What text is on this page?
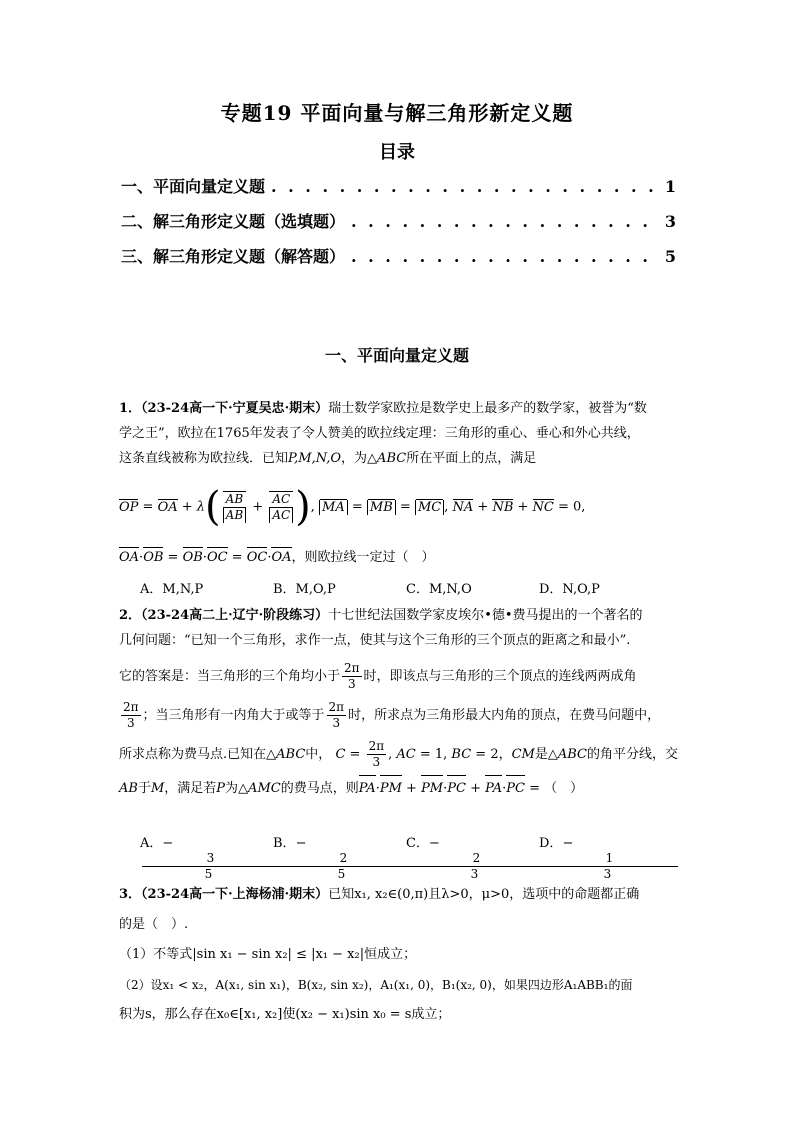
专题19 平面向量与解三角形新定义题
目录
一、平面向量定义题 . . .	1
二、解三角形定义题（选填题） . . .	3
三、解三角形定义题（解答题） . . .	5
一、平面向量定义题
1．（23-24高一下·宁夏吴忠·期末）瑞士数学家欧拉是数学史上最多产的数学家，被誉为“数
学之王”，欧拉在1765年发表了令人赞美的欧拉线定理：三角形的重心、垂心和外心共线，
这条直线被称为欧拉线．已知P,M,N,O，为△ABC所在平面上的点，满足
OP = OA + $\lambda( \frac{AB}{AB} + \frac{AC}{AC}$ ), MA = MB = MC , NA + NB + NC = 0,
OA·OB = OB·OC = OC·OA，则欧拉线一定过（　）
A．M,N,P	B．M,O,P	C．M,N,O	D．N,O,P
2．（23-24高二上·辽宁·阶段练习）十七世纪法国数学家皮埃尔•德•费马提出的一个著名的
几何问题：“已知一个三角形，求作一点，使其与这个三角形的三个顶点的距离之和最小”.
它的答案是：当三角形的三个角均小于 $\frac{2\pi}{3}$ 时，即该点与三角形的三个顶点的连线两两成角
$\frac{2\pi}{3}$ ；当三角形有一内角大于或等于 $\frac{2\pi}{3}$ 时，所求点为三角形最大内角的顶点，在费马问题中，
所求点称为费马点.已知在△ABC中， $C = \frac{2\pi}{3}$ , AC = 1, BC = 2，CM是△ABC的角平分线，交
AB于M，满足若P为△AMC的费马点，则PA·PM + PM·PC + PA·PC = （　）
A．−
$\frac{3}{5}$
B．−
$\frac{2}{5}$
C．−
$\frac{2}{3}$
D．−
$\frac{1}{3}$
3．（23-24高一下·上海杨浦·期末）已知x₁, x₂∈(0,π)且λ>0，μ>0，选项中的命题都正确
的是（　）.
（1）不等式|sin x₁ − sin x₂| ≤ |x₁ − x₂|恒成立；
（2）设x₁ < x₂，A(x₁, sin x₁)，B(x₂, sin x₂)，A₁(x₁, 0)，B₁(x₂, 0)，如果四边形A₁ABB₁的面
积为s，那么存在x₀∈[x₁, x₂]使(x₂ − x₁)sin x₀ = s成立；
